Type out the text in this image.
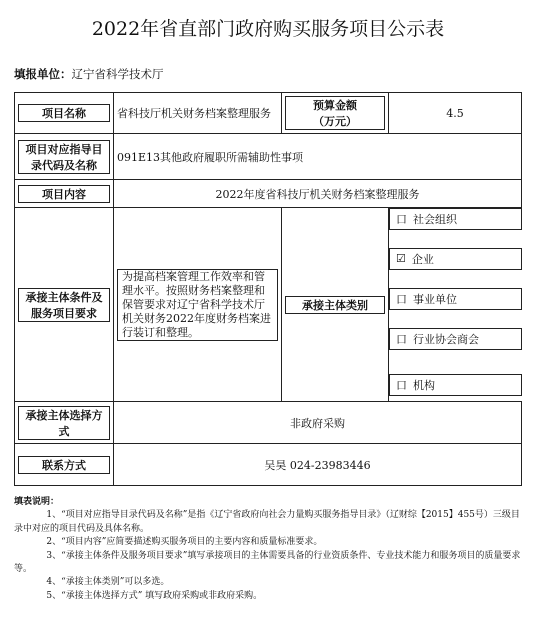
2022年省直部门政府购买服务项目公示表
填报单位：辽宁省科学技术厅
项目名称	省科技厅机关财务档案整理服务	预算金额
（万元）	4.5

项目对应指导目录代码及名称	091E13其他政府履职所需辅助性事项		

项目内容	2022年度省科技厅机关财务档案整理服务		

承接主体条件及服务项目要求	为提高档案管理工作效率和管理水平。按照财务档案整理和保管要求对辽宁省科学技术厅机关财务2022年度财务档案进行装订和整理。	承接主体类别

口 社会组织

☑ 企业

口 事业单位

口 行业协会商会

口 机构

承接主体选择方式	非政府采购		

联系方式	吴昊 024-23983446		

填表说明：

1、“项目对应指导目录代码及名称”是指《辽宁省政府向社会力量购买服务指导目录》（辽财综【2015】455号）三级目录中对应的项目代码及具体名称。

2、“项目内容”应简要描述购买服务项目的主要内容和质量标准要求。

3、“承接主体条件及服务项目要求”填写承接项目的主体需要具备的行业资质条件、专业技术能力和服务项目的质量要求等。

4、“承接主体类别”可以多选。

5、“承接主体选择方式” 填写政府采购或非政府采购。
